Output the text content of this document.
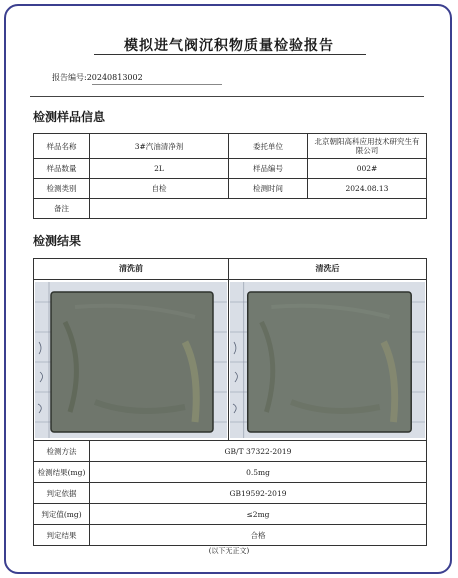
模拟进气阀沉积物质量检验报告
报告编号:20240813002
检测样品信息
样品名称	3#汽油清净剂	委托单位	北京朝阳高科应用技术研究生有限公司
样品数量	2L	样品编号	002#
检测类别	自检	检测时间	2024.08.13
备注			
检测结果
清洗前		清洗后

检测方法	GB/T 37322-2019	
检测结果(mg)	0.5mg	
判定依据	GB19592-2019	
判定值(mg)	≤2mg	
判定结果	合格	
(以下无正文)
